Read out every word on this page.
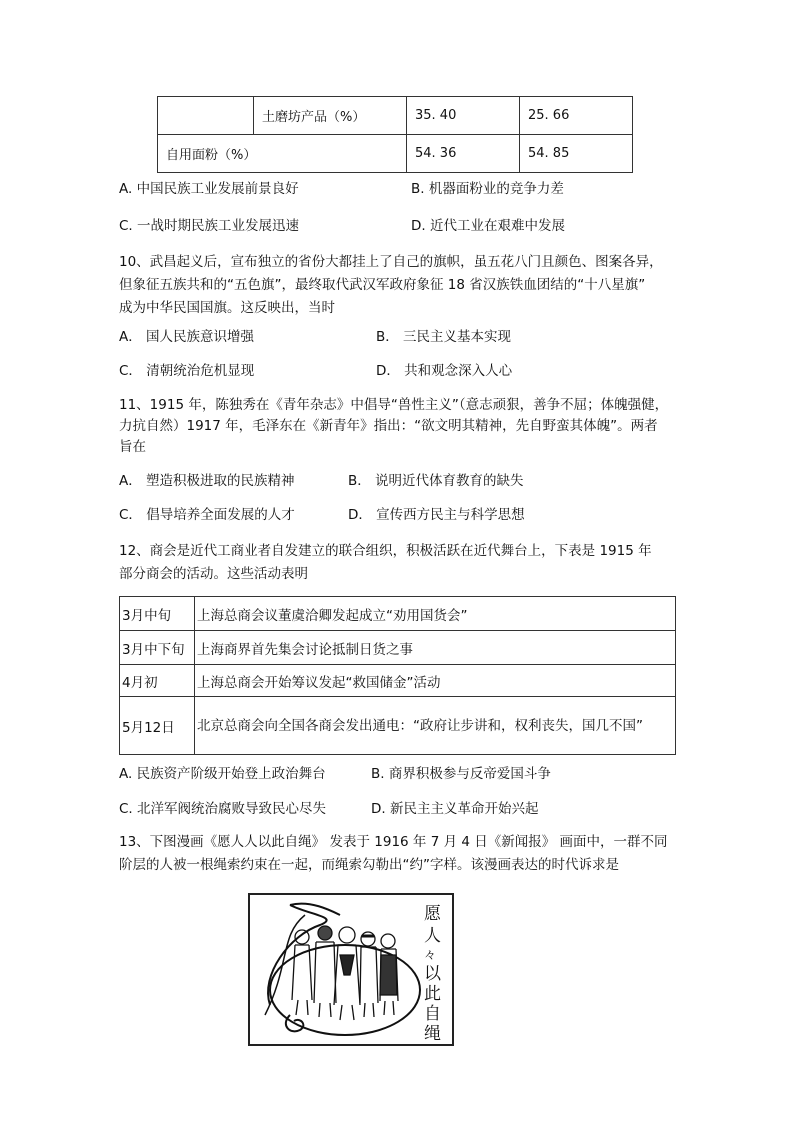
	土磨坊产品（%）	35. 40	25. 66
自用面粉（%）		54. 36	54. 85
A. 中国民族工业发展前景良好	B. 机器面粉业的竞争力差
C. 一战时期民族工业发展迅速	D. 近代工业在艰难中发展
10、武昌起义后，宣布独立的省份大都挂上了自己的旗帜，虽五花八门且颜色、图案各异，
但象征五族共和的“五色旗”，最终取代武汉军政府象征 18 省汉族铁血团结的“十八星旗”
成为中华民国国旗。这反映出，当时
A． 国人民族意识增强	B． 三民主义基本实现
C． 清朝统治危机显现	D． 共和观念深入人心
11、1915 年，陈独秀在《青年杂志》中倡导“兽性主义”（意志顽狠，善争不屈；体魄强健，
力抗自然）1917 年，毛泽东在《新青年》指出：“欲文明其精神，先自野蛮其体魄”。两者
旨在
A． 塑造积极进取的民族精神	B． 说明近代体育教育的缺失
C． 倡导培养全面发展的人才	D． 宣传西方民主与科学思想
12、商会是近代工商业者自发建立的联合组织，积极活跃在近代舞台上，下表是 1915 年
部分商会的活动。这些活动表明
3月中旬	上海总商会议董虞洽卿发起成立“劝用国货会”
3月中下旬	上海商界首先集会讨论抵制日货之事
4月初	上海总商会开始筹议发起“救国储金”活动
5月12日	北京总商会向全国各商会发出通电：“政府让步讲和，权利丧失，国几不国”
A. 民族资产阶级开始登上政治舞台	B. 商界积极参与反帝爱国斗争
C. 北洋军阀统治腐败导致民心尽失	D. 新民主主义革命开始兴起
13、下图漫画《愿人人以此自绳》 发表于 1916 年 7 月 4 日《新闻报》 画面中，一群不同
阶层的人被一根绳索约束在一起，而绳索勾勒出“约”字样。该漫画表达的时代诉求是
愿
人
々
以
此
自
绳
